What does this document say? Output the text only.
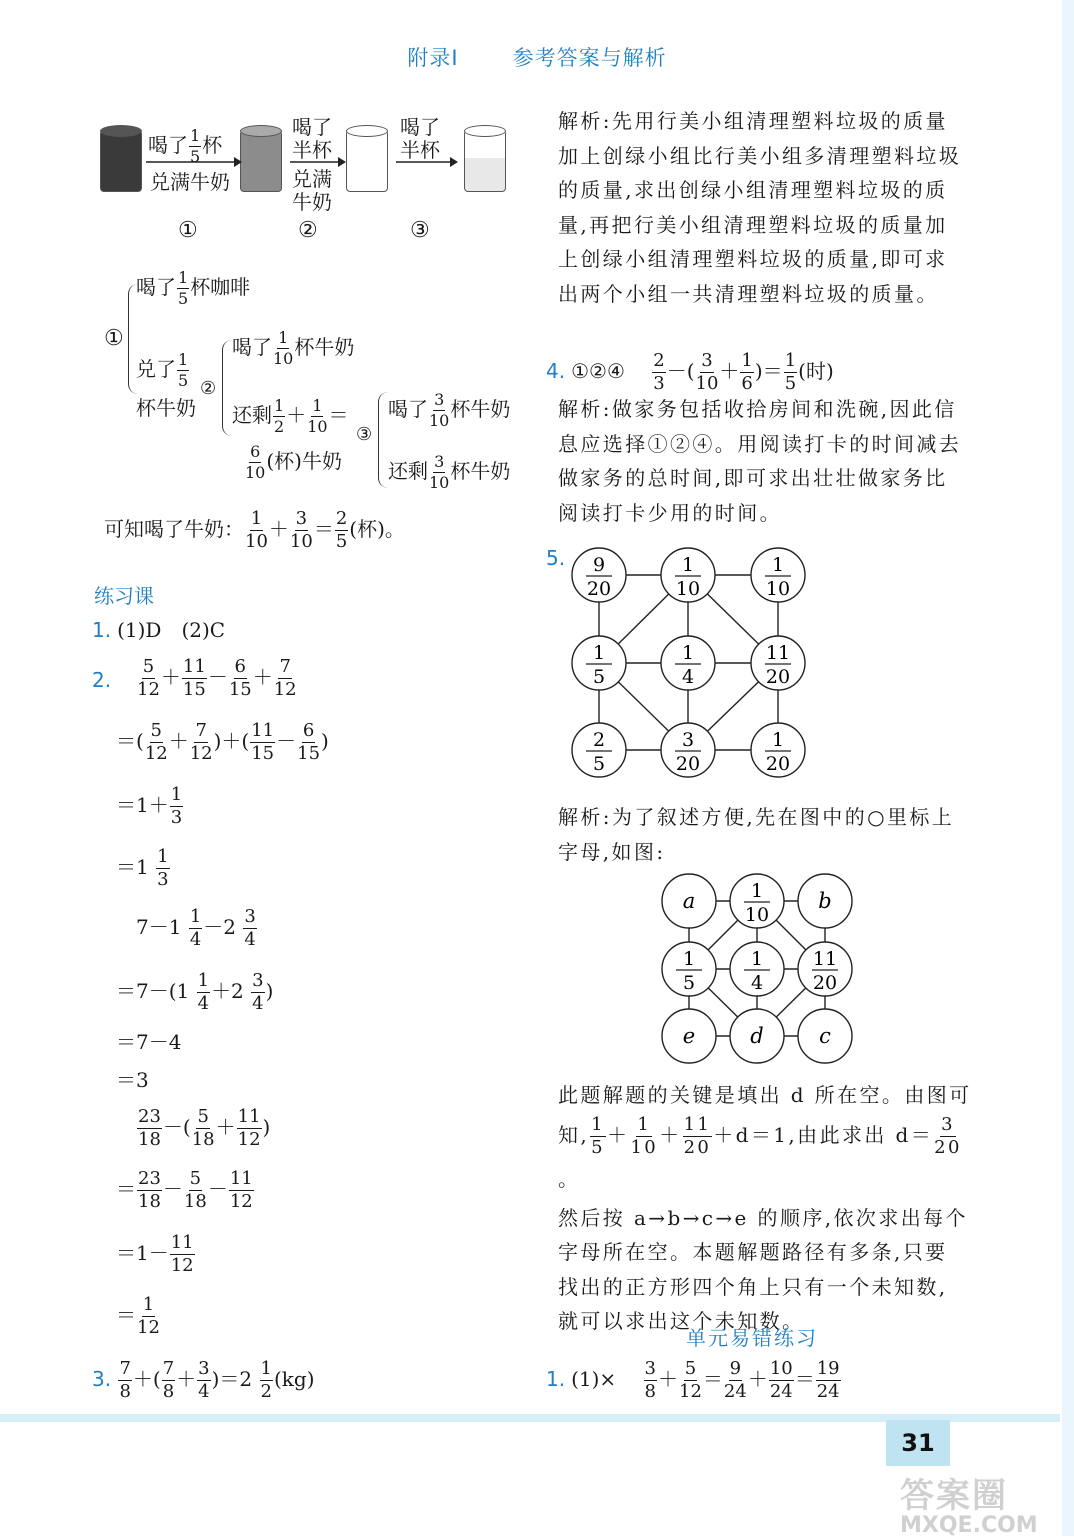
附录Ⅰ	参考答案与解析
31
答案圈
MXQE.COM
喝了 $\frac{1}{5}$ 杯
兑满牛奶
喝了
半杯
兑满
牛奶
喝了
半杯
①	②	③
①
喝了 $\frac{1}{5}$ 杯咖啡
兑了 $\frac{1}{5}$
杯牛奶
②
喝了 $\frac{1}{10}$ 杯牛奶
还剩 $\frac{1}{2} + \frac{1}{10}$ ＝
$\frac{6}{10}$ (杯)牛奶
③
喝了 $\frac{3}{10}$ 杯牛奶
还剩 $\frac{3}{10}$ 杯牛奶
可知喝了牛奶： $\frac{1}{10} + \frac{3}{10} = \frac{2}{5}$ (杯)。
练习课
1. (1)D　(2)C
2. $\frac{5}{12} + \frac{11}{15} - \frac{6}{15} + \frac{7}{12}$
＝( $\frac{5}{12} + \frac{7}{12}$ )＋( $\frac{11}{15} - \frac{6}{15}$ )
$=1+ \frac{1}{3}$
$=1 \frac{1}{3}$
$7-1 \frac{1}{4} -2 \frac{3}{4}$
$=7-(1 \frac{1}{4} +2 \frac{3}{4}$ )
＝7－4
＝3
$\frac{23}{18}$ －( $\frac{5}{18} + \frac{11}{12}$ )
＝ $\frac{23}{18} - \frac{5}{18} - \frac{11}{12}$
$=1- \frac{11}{12}$
＝ $\frac{1}{12}$
3. $\frac{7}{8}$ ＋( $\frac{7}{8} + \frac{3}{4} )=2 \frac{1}{2} (kg)$
解析:先用行美小组清理塑料垃圾的质量
加上创绿小组比行美小组多清理塑料垃圾
的质量,求出创绿小组清理塑料垃圾的质
量,再把行美小组清理塑料垃圾的质量加
上创绿小组清理塑料垃圾的质量,即可求
出两个小组一共清理塑料垃圾的质量。
4. ①②④ $\frac{2}{3}$ －( $\frac{3}{10} + \frac{1}{6}$ )＝ $\frac{1}{5}$ (时)
解析:做家务包括收拾房间和洗碗,因此信
息应选择①②④。用阅读打卡的时间减去
做家务的总时间,即可求出壮壮做家务比
阅读打卡少用的时间。
5. 9
20
1
10
1
10
1
5
1
4
11
20
2
5
3
20
1
20
解析:为了叙述方便,先在图中的○里标上
字母,如图:
a	1
10
b
1
5
1
4
11
20
e	d	c
此题解题的关键是填出 d 所在空。由图可
知, $\frac{1}{5} + \frac{1}{10} + \frac{11}{20} +d=1$,由此求出 $d= \frac{3}{20}$
。
然后按 a→b→c→e 的顺序,依次求出每个
字母所在空。本题解题路径有多条,只要
找出的正方形四个角上只有一个未知数,
就可以求出这个未知数。
单元易错练习
1. $(1)\times \frac{3}{8} + \frac{5}{12} = \frac{9}{24} + \frac{10}{24} = \frac{19}{24}$
